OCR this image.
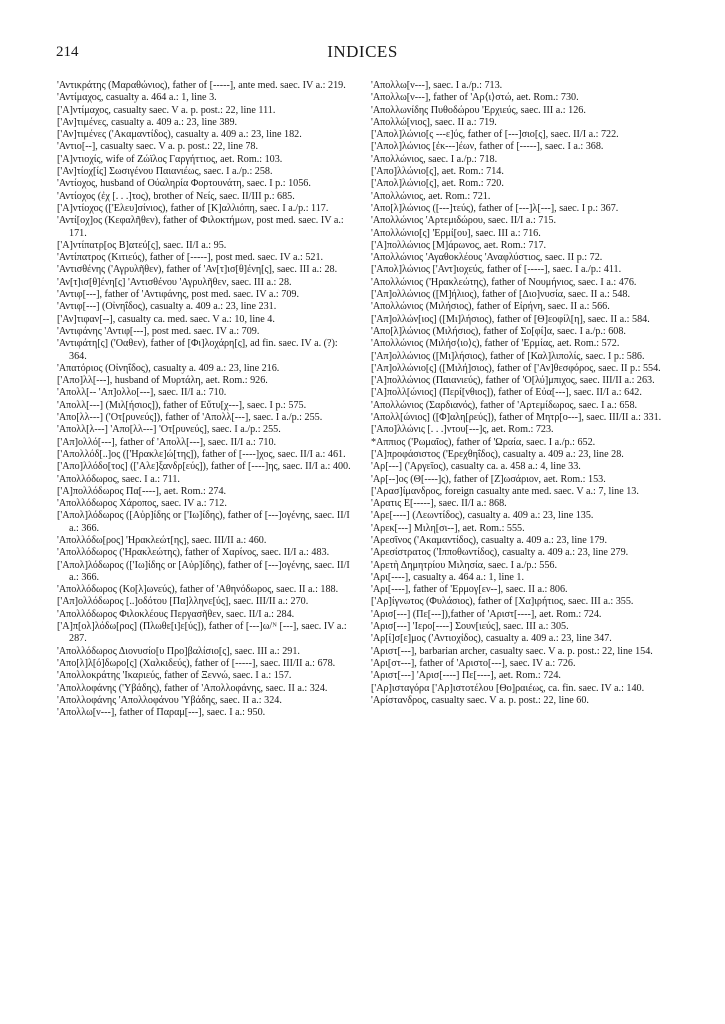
214	INDICES

'Αντικράτης (Μαραθώνιος), father of [-----], ante med. saec. IV a.: 219.

'Αντίμαχος, casualty a. 464 a.: 1, line 3.

['Α]ντίμαχος, casualty saec. V a. p. post.: 22, line 111.

['Αν]τιμένες, casualty a. 409 a.: 23, line 389.

['Αν]τιμένες ('Ακαμαντίδος), casualty a. 409 a.: 23, line 182.

'Αντιο[--], casualty saec. V a. p. post.: 22, line 78.

['Α]ντιοχίς, wife of Ζώϊλος Γαργήττιος, aet. Rom.: 103.

['Αν]τίοχ[ίς] Σωσιγένου Παιανιέως, saec. I a./p.: 258.

'Αντίοχος, husband of Ούαληρία Φορτουνάτη, saec. I p.: 1056.

'Αντίοχος (ἐχ [. . .]τος), brother of Νείς, saec. II/III p.: 685.

['Α]ντίοχος (['Ελευ]σίνιος), father of [Κ]αλλιόπη, saec. I a./p.: 117.

'Αντί[οχ]ος (Κεφαλῆθεν), father of Φιλοκτήμων, post med. saec. IV a.: 171.

['Α]ντίπατρ[ος Β]ατεύ[ς], saec. II/I a.: 95.

'Αντίπατρος (Κιτιεύς), father of [-----], post med. saec. IV a.: 521.

'Αντισθένης ('Αγρυλῆθεν), father of 'Αν[τ]ισ[θ]ένη[ς], saec. III a.: 28.

'Αν[τ]ισ[θ]ένη[ς] 'Αντισθένου 'Αγρυλῆθεν, saec. III a.: 28.

'Αντιφ[---], father of 'Αντιφάνης, post med. saec. IV a.: 709.

'Αντιφ[---] (Οἰνηΐδος), casualty a. 409 a.: 23, line 231.

['Αν]τιφαν[--], casualty ca. med. saec. V a.: 10, line 4.

'Αντιφάνης 'Αντιφ[---], post med. saec. IV a.: 709.

'Αντιφάτη[ς] ('Οαθεν), father of [Φι]λοχάρη[ς], ad fin. saec. IV a. (?): 364.

'Απατόριος (Οἰνηΐδος), casualty a. 409 a.: 23, line 216.

['Απο]λλ[---], husband of Μυρτάλη, aet. Rom.: 926.

'Απολλ[-- 'Απ]ολλο[---], saec. II/I a.: 710.

'Απολλ[---] (Μιλ[ήσιος]), father of Εὔτυ[χ---], saec. I p.: 575.

'Απο[λλ---] ('Οτ[ρυνεύς]), father of 'Απολλ[---], saec. I a./p.: 255.

'Απολλ[λ---] 'Απο[λλ---] 'Οτ[ρυνεύς], saec. I a./p.: 255.

['Απ]ολλό[---], father of 'Απολλ[---], saec. II/I a.: 710.

['Απολλόδ[..]ος (['Ηρακλε]ώ[της]), father of [----]χος, saec. II/I a.: 461.

['Απο]λλόδο[τος] (['Αλε]ξανδρ[εύς]), father of [----]ης, saec. II/I a.: 400.

'Απολλόδωρος, saec. I a.: 711.

['Α]πολλόδωρος Πα[----], aet. Rom.: 274.

'Απολλόδωρος Χάροπος, saec. IV a.: 712.

['Απολ]λόδωρος ([Αὐρ]ίδης or ['Ιω]ίδης), father of [---]ογένης, saec. II/I a.: 366.

'Απολλόδω[ρος] 'Ηρακλεώτ[ης], saec. III/II a.: 460.

'Απολλόδωρος ('Ηρακλεώτης), father of Χαρίνος, saec. II/I a.: 483.

['Απολ]λόδωρος (['Ιω]ίδης or [Αὐρ]ίδης), father of [---]ογένης, saec. II/I a.: 366.

'Απολλόδωρος (Κο[λ]ωνεύς), father of 'Αθηνόδωρος, saec. II a.: 188.

['Απ]ολλόδωρος [..]οδότου [Πα]λληνε[ύς], saec. III/II a.: 270.

'Απολλόδωρος Φιλοκλέους Περγασῆθεν, saec. II/I a.: 284.

['Α]π[ολ]λόδω[ρος] (Πλωθε[ι]ε[ύς]), father of [---]ω/ᴺ [---], saec. IV a.: 287.

'Απολλόδωρος Διονυσίο[υ Προ]βαλίσιο[ς], saec. III a.: 291.

'Απο[λ]λ[ό]δωρο[ς] (Χαλκιδεύς), father of [-----], saec. III/II a.: 678.

'Απολλοκράτης 'Ικαριεύς, father of Ξεννώ, saec. I a.: 157.

'Απολλοφάνης ('Υβάδης), father of 'Απολλοφάνης, saec. II a.: 324.

'Απολλοφάνης 'Απολλοφάνου 'Υβάδης, saec. II a.: 324.

'Απολλω[ν---], father of Παραμ[---], saec. I a.: 950.

'Απολλω[ν---], saec. I a./p.: 713.

'Απολλω[ν---], father of 'Αρ⟨ι⟩στώ, aet. Rom.: 730.

'Απολλωνίδης Πυθοδώρου 'Ερχιεύς, saec. III a.: 126.

'Απολλώ[νιος], saec. II a.: 719.

['Απολ]λώνιο[ς ---ε]ύς, father of [---]σιο[ς], saec. II/I a.: 722.

['Απολ]λώνιος [ἐκ---]έων, father of [-----], saec. I a.: 368.

'Απολλώνιος, saec. I a./p.: 718.

['Απο]λλώνιο[ς], aet. Rom.: 714.

['Απολ]λώνιο[ς], aet. Rom.: 720.

'Απολλώνιος, aet. Rom.: 721.

'Απο[λ]λώνιος ([---]τεύς), father of [---]λ[---], saec. I p.: 367.

'Απολλώνιος 'Αρτεμιδώρου, saec. II/I a.: 715.

'Απολλώνιο[ς] 'Ερμί[ου], saec. III a.: 716.

['Α]πολλώνιος [Μ]άρωνος, aet. Rom.: 717.

'Απολλώνιος 'Αγαθοκλέους 'Αναφλύστιος, saec. II p.: 72.

['Απολ]λώνιος ['Αντ]ιοχεύς, father of [-----], saec. I a./p.: 411.

'Απολλώνιος ('Ηρακλεώτης), father of Νουμήνιος, saec. I a.: 476.

['Απ]ολλώνιος ([Μ]ήλιος), father of [Διο]νυσία, saec. II a.: 548.

'Απολλώνιος (Μιλήσιος), father of Εἰρήνη, saec. II a.: 566.

['Απ]ολλών[ιος] ([Μι]λήσιος), father of [Θ]εοφίλ[η], saec. II a.: 584.

'Απο[λ]λώνιος (Μιλήσιος), father of Σο[φί]α, saec. I a./p.: 608.

'Απολλώνιος (Μιλήσ⟨ιο⟩ς), father of 'Ερμίας, aet. Rom.: 572.

['Απ]ολλώνιος ([Μι]λήσιος), father of [Καλ]λιπολίς, saec. I p.: 586.

['Απ]ολλώνιο[ς] ([Μιλή]σιος), father of ['Αν]θεσφόρος, saec. II p.: 554.

['Α]πολλώνιος (Παιανιεύς), father of 'Ο[λύ]μπιχος, saec. III/II a.: 263.

['Α]πολλ[ώνιος] (Περί[νθιος]), father of Εὐα[---], saec. II/I a.: 642.

'Απολλώνιος (Σαρδιανός), father of 'Αρτεμίδωρος, saec. I a.: 658.

'Απολλ[ώνιος] ([Φ]αλη[ρεύς]), father of Μητρ[ο---], saec. III/II a.: 331.

['Απο]λλώνις [. . .]ντου[---]ς, aet. Rom.: 723.

*Αππιος ('Ρωμαῖος), father of 'Ωραία, saec. I a./p.: 652.

['Α]προφάσιστος ('Ερεχθηΐδος), casualty a. 409 a.: 23, line 28.

'Αρ[---] ('Αργεῖος), casualty ca. a. 458 a.: 4, line 33.

'Αρ[--]ος (Θ[----]ς), father of [Ζ]ωσάριον, aet. Rom.: 153.

['Αρασ]ίμανδρος, foreign casualty ante med. saec. V a.: 7, line 13.

'Αρατις Ε[-----], saec. II/I a.: 868.

'Αρε[----] (Λεωντίδος), casualty a. 409 a.: 23, line 135.

'Αρεκ[---] Μιλη[σι--], aet. Rom.: 555.

'Αρεσῖνος ('Ακαμαντίδος), casualty a. 409 a.: 23, line 179.

'Αρεσίστρατος ('Ιπποθωντίδος), casualty a. 409 a.: 23, line 279.

'Αρετὴ Δημητρίου Μιλησία, saec. I a./p.: 556.

'Αρι[----], casualty a. 464 a.: 1, line 1.

'Αρι[----], father of 'Ερμογ[εν--], saec. II a.: 806.

['Αρ]ίγνωτος (Φυλάσιος), father of [Χα]ιρήτιος, saec. III a.: 355.

'Αρισ[---] (Πε[---]),father of 'Αριστ[----], aet. Rom.: 724.

'Αρισ[---] 'Ιερο[----] Σουν[ιεύς], saec. III a.: 305.

'Αρ[ί]σ[ε]μος ('Αντιοχίδος), casualty a. 409 a.: 23, line 347.

'Αριστ[---], barbarian archer, casualty saec. V a. p. post.: 22, line 154.

'Αρι[στ---], father of 'Αριστο[---], saec. IV a.: 726.

'Αριστ[---] 'Αρισ[----] Πε[----], aet. Rom.: 724.

['Αρ]ισταγόρα ['Αρ]ιστοτέλου [Θο]ραιέως, ca. fin. saec. IV a.: 140.

'Αρίστανδρος, casualty saec. V a. p. post.: 22, line 60.
